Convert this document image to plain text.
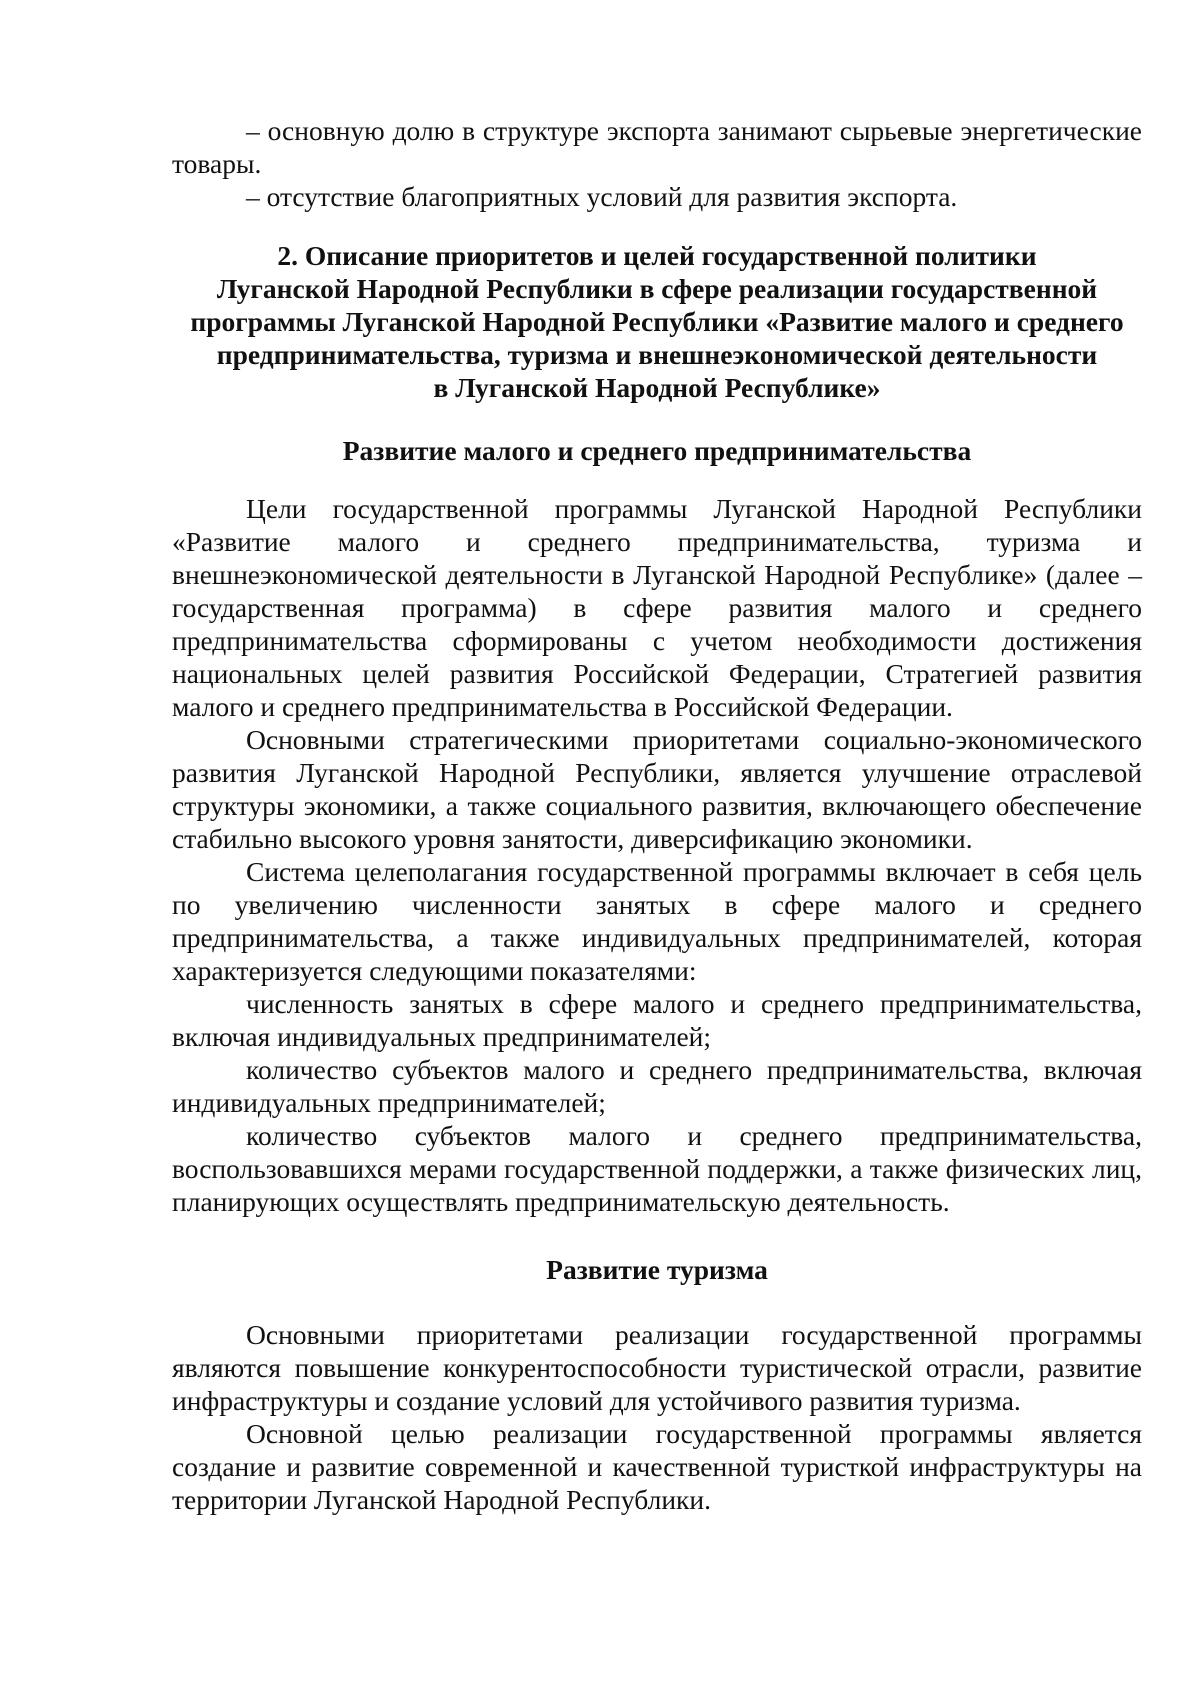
– основную долю в структуре экспорта занимают сырьевые энергетические товары.

– отсутствие благоприятных условий для развития экспорта.

2. Описание приоритетов и целей государственной политики
Луганской Народной Республики в сфере реализации государственной
программы Луганской Народной Республики «Развитие малого и среднего
предпринимательства, туризма и внешнеэкономической деятельности
в Луганской Народной Республике»
Развитие малого и среднего предпринимательства

Цели государственной программы Луганской Народной Республики «Развитие малого и среднего предпринимательства, туризма и внешнеэкономической деятельности в Луганской Народной Республике» (далее – государственная программа) в сфере развития малого и среднего предпринимательства сформированы с учетом необходимости достижения национальных целей развития Российской Федерации, Стратегией развития малого и среднего предпринимательства в Российской Федерации.

Основными стратегическими приоритетами социально-экономического развития Луганской Народной Республики, является улучшение отраслевой структуры экономики, а также социального развития, включающего обеспечение стабильно высокого уровня занятости, диверсификацию экономики.

Система целеполагания государственной программы включает в себя цель по увеличению численности занятых в сфере малого и среднего предпринимательства, а также индивидуальных предпринимателей, которая характеризуется следующими показателями:

численность занятых в сфере малого и среднего предпринимательства, включая индивидуальных предпринимателей;

количество субъектов малого и среднего предпринимательства, включая индивидуальных предпринимателей;

количество субъектов малого и среднего предпринимательства, воспользовавшихся мерами государственной поддержки, а также физических лиц, планирующих осуществлять предпринимательскую деятельность.

Развитие туризма

Основными приоритетами реализации государственной программы являются повышение конкурентоспособности туристической отрасли, развитие инфраструктуры и создание условий для устойчивого развития туризма.

Основной целью реализации государственной программы является создание и развитие современной и качественной туристкой инфраструктуры на территории Луганской Народной Республики.
